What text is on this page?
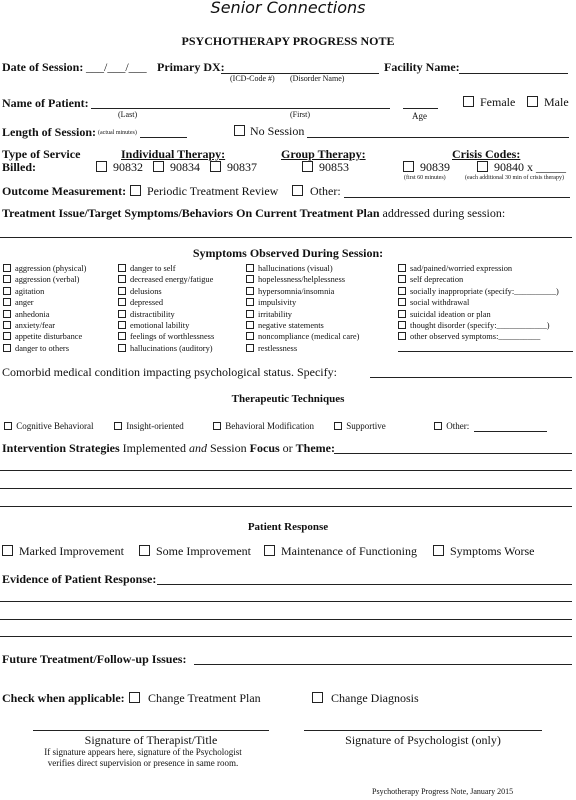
Senior Connections
PSYCHOTHERAPY PROGRESS NOTE
Date of Session: ___/___/___ Primary DX:
(ICD-Code #) (Disorder Name)
Facility Name:
Name of Patient:
(Last)	(First)	Age
Female	Male
Length of Session: (actual minutes)	No Session
Type of Service
Billed:
Individual Therapy:
90832	90834	90837
Group Therapy:
90853
Crisis Codes:
90839	90840 x _____
(first 60 minutes)	(each additional 30 min of crisis therapy)
Outcome Measurement:	Periodic Treatment Review	Other:
Treatment Issue/Target Symptoms/Behaviors On Current Treatment Plan addressed during session:
Symptoms Observed During Session:
aggression (physical)
aggression (verbal)
agitation
anger
anhedonia
anxiety/fear
appetite disturbance
danger to others
danger to self
decreased energy/fatigue
delusions
depressed
distractibility
emotional lability
feelings of worthlessness
hallucinations (auditory)
hallucinations (visual)
hopelessness/helplessness
hypersomnia/insomnia
impulsivity
irritability
negative statements
noncompliance (medical care)
restlessness
sad/pained/worried expression
self deprecation
socially inappropriate (specify:__________)
social withdrawal
suicidal ideation or plan
thought disorder (specify:____________)
other observed symptoms:__________
Comorbid medical condition impacting psychological status. Specify:
Therapeutic Techniques
Cognitive Behavioral	Insight-oriented	Behavioral Modification	Supportive	Other:
Intervention Strategies Implemented and Session Focus or Theme:
Patient Response
Marked Improvement	Some Improvement	Maintenance of Functioning	Symptoms Worse
Evidence of Patient Response:
Future Treatment/Follow-up Issues:
Check when applicable:	Change Treatment Plan	Change Diagnosis
Signature of Therapist/Title
If signature appears here, signature of the Psychologist
verifies direct supervision or presence in same room.
Signature of Psychologist (only)
Psychotherapy Progress Note, January 2015
